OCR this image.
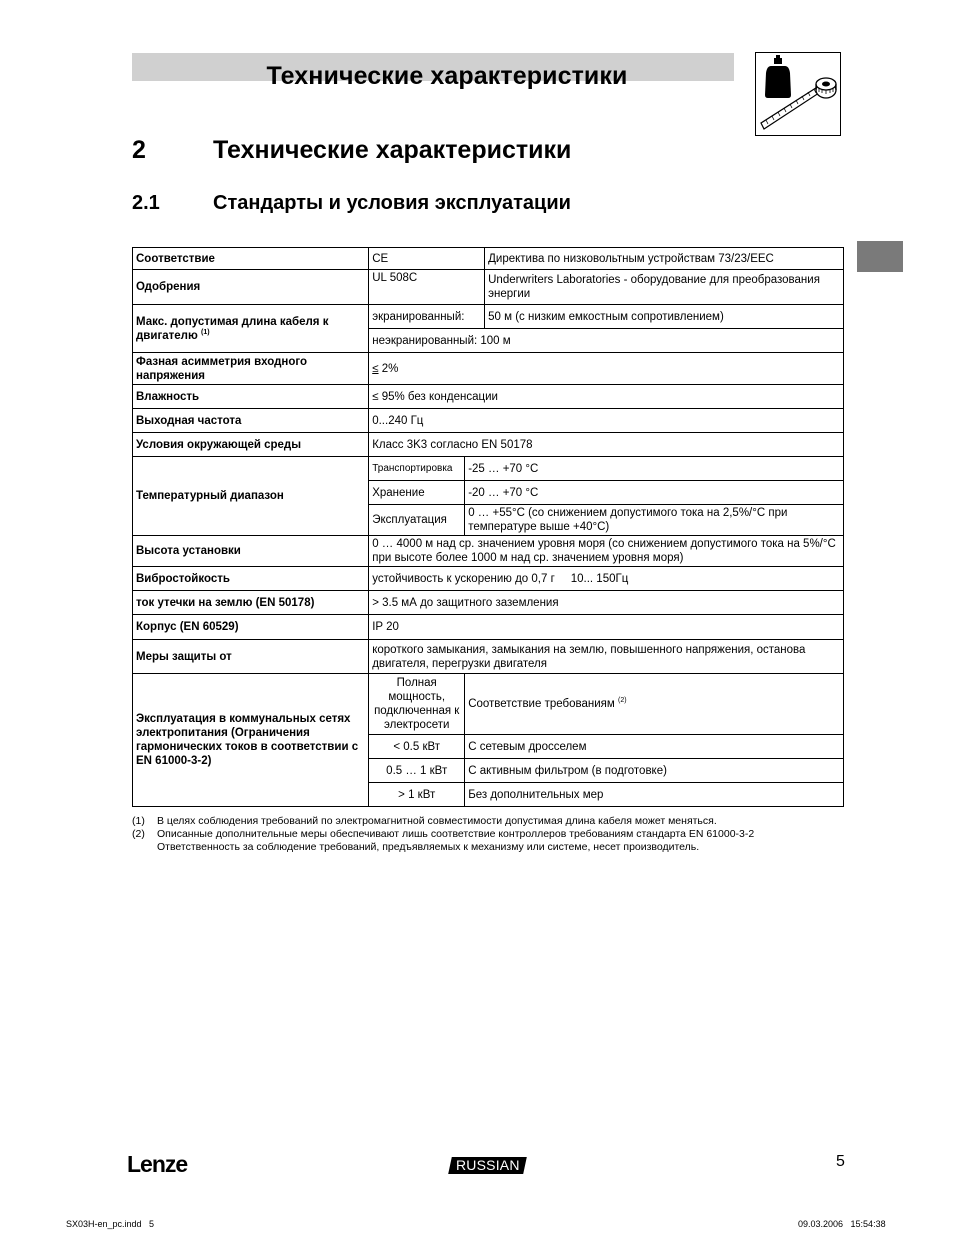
Технические характеристики
2	Технические характеристики
2.1	Стандарты и условия эксплуатации
Соответствие	CE		Директива по низковольтным устройствам 73/23/EEC
Одобрения	UL 508C		Underwriters Laboratories - оборудование для преобразования энергии
Макс. допустимая длина кабеля к двигателю $^{(1)}$	экранированный:		50 м (с низким емкостным сопротивлением)
	неэкранированный: 100 м		
Фазная асимметрия входного напряжения	≤ 2%		
Влажность	≤ 95% без конденсации		
Выходная частота	0...240 Гц		
Условия окружающей среды	Класс 3K3 согласно EN 50178		
Температурный диапазон	Транспортировка	-25 … +70 °C	
	Хранение	-20 … +70 °C	
	Эксплуатация	0 … +55°C (со снижением допустимого тока на 2,5%/°C при температуре выше +40°C)	
Высота установки	0 … 4000 м над ср. значением уровня моря (со снижением допустимого тока на 5%/°C при высоте более 1000 м над ср. значением уровня моря)		
Вибростойкость	устойчивость к ускорению до 0,7 г     10... 150Гц		
ток утечки на землю (EN 50178)	> 3.5 мА до защитного заземления		
Корпус (EN 60529)	IP 20		
Меры защиты от	короткого замыкания, замыкания на землю, повышенного напряжения, останова двигателя, перегрузки двигателя		
Эксплуатация в коммунальных сетях электропитания (Ограничения гармонических токов в соответствии с EN 61000-3-2)	Полная мощность, подключенная к электросети	Соответствие требованиям $^{(2)}$
	< 0.5 кВт	С сетевым дросселем	
	0.5 … 1 кВт	С активным фильтром (в подготовке)	
	> 1 кВт	Без дополнительных мер	
(1)	В целях соблюдения требований по электромагнитной совместимости допустимая длина кабеля может меняться.
(2)	Описанные дополнительные меры обеспечивают лишь соответствие контроллеров требованиям стандарта EN 61000-3-2
Ответственность за соблюдение требований, предъявляемых к механизму или системе, несет производитель.
Lenze	RUSSIAN	5
SX03H-en_pc.indd   5	09.03.2006   15:54:38
